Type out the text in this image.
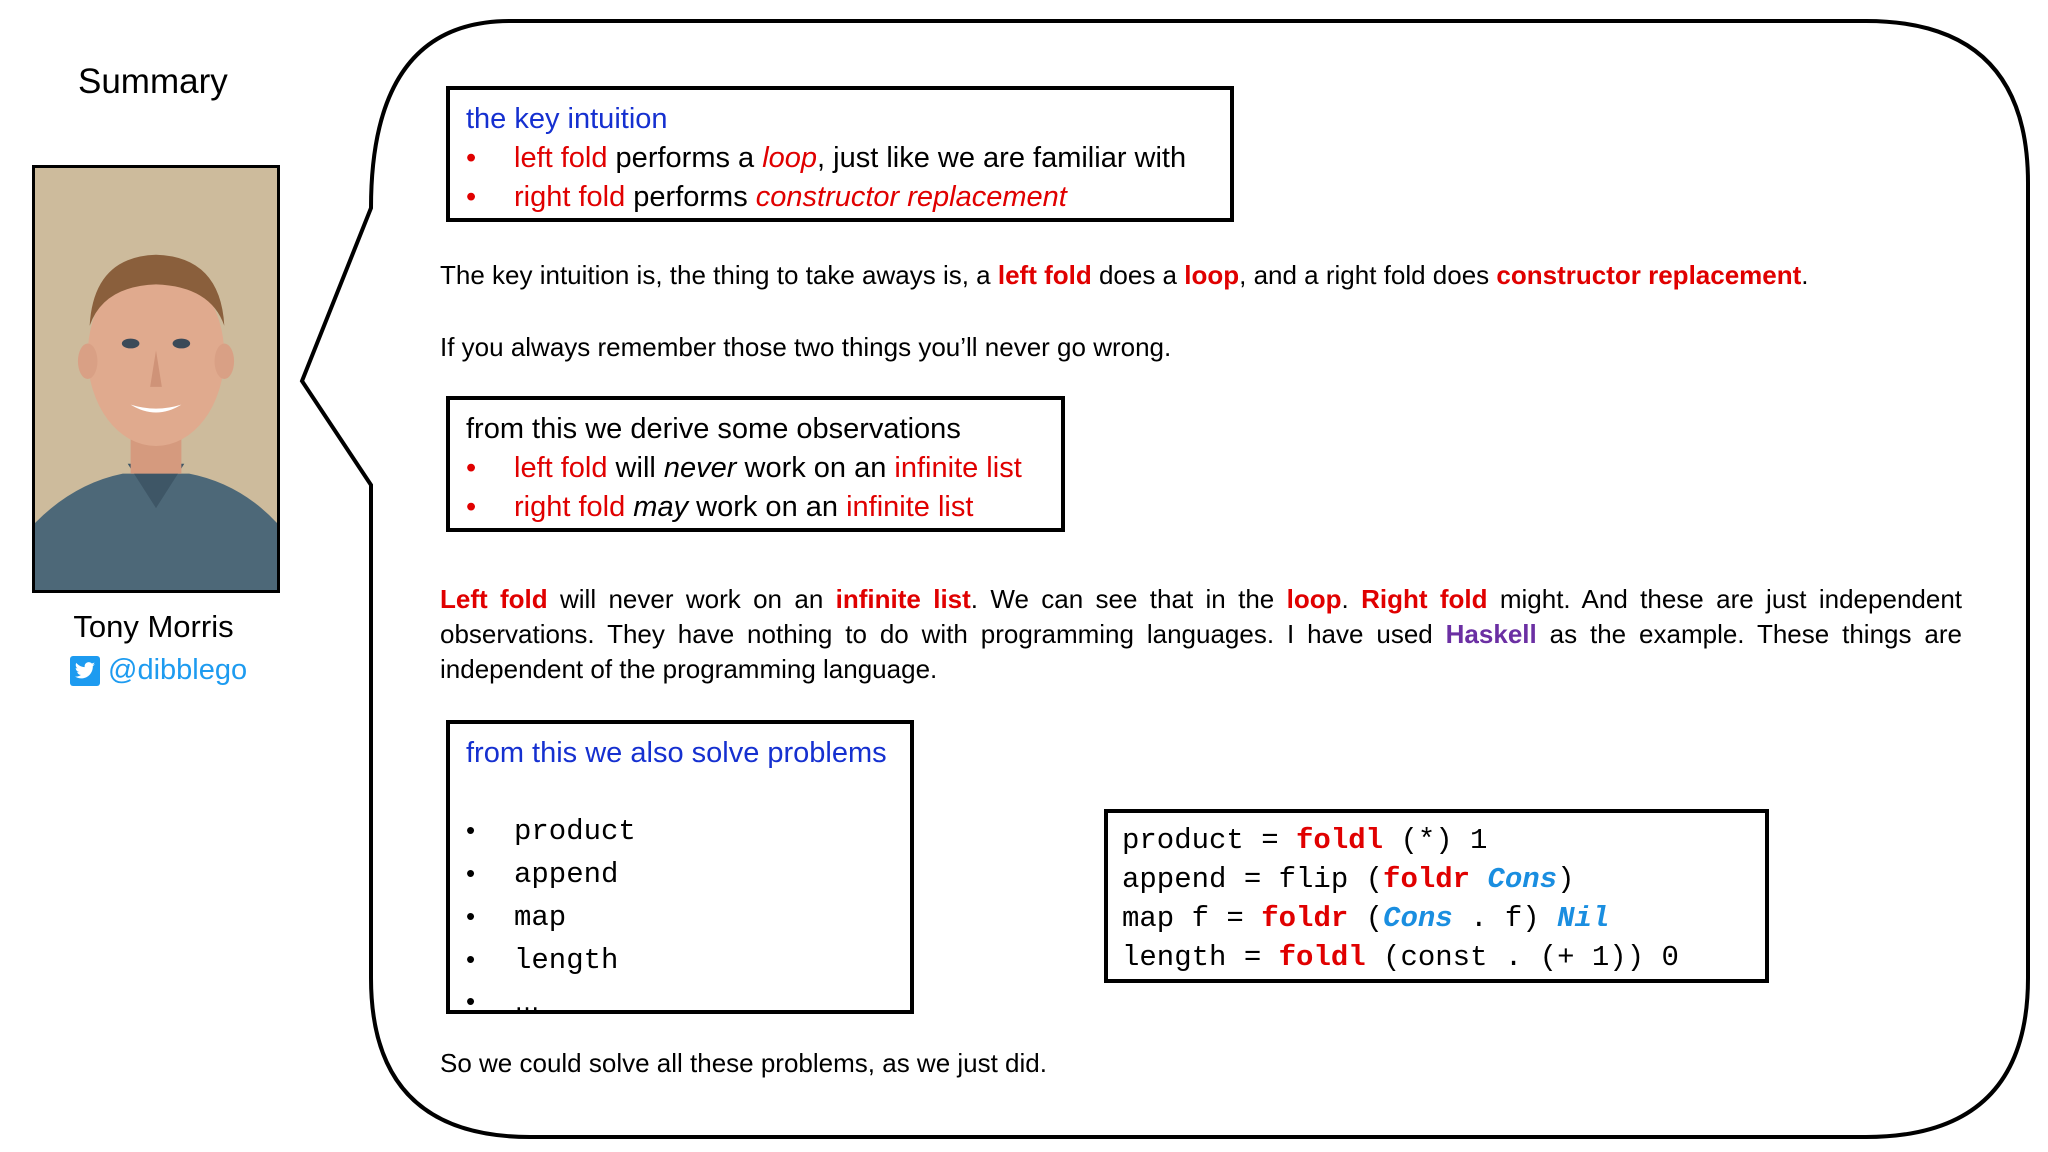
Summary
Tony Morris
@dibblego
the key intuition
• left fold performs a loop, just like we are familiar with
• right fold performs constructor replacement
The key intuition is, the thing to take aways is, a left fold does a loop, and a right fold does constructor replacement.
If you always remember those two things you’ll never go wrong.
from this we derive some observations
• left fold will never work on an infinite list
• right fold may work on an infinite list
Left fold will never work on an infinite list. We can see that in the loop. Right fold might. And these are just independent observations. They have nothing to do with programming languages. I have used Haskell as the example. These things are independent of the programming language.
from this we also solve problems
• product
• append
• map
• length
• …
product = foldl (*) 1
append = flip (foldr Cons)
map f = foldr (Cons . f) Nil
length = foldl (const . (+ 1)) 0
So we could solve all these problems, as we just did.
